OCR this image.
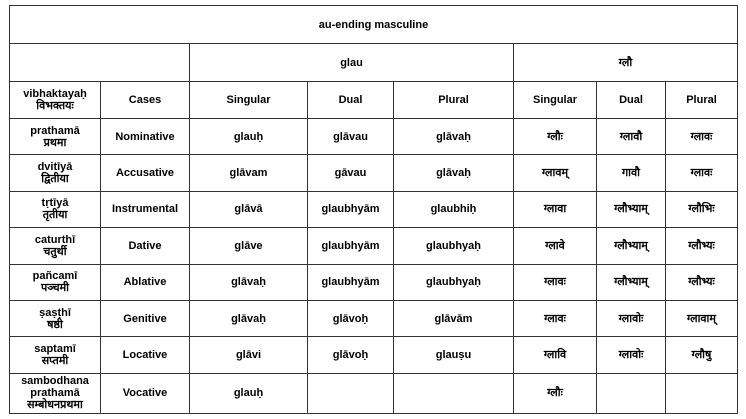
au-ending masculine							
		glau			ग्लौ		

vibhaktayaḥ
विभक्तयः	Cases	Singular	Dual	Plural	Singular	Dual	Plural

prathamā
प्रथमा	Nominative	glauḥ	glāvau	glāvaḥ	ग्लौः	ग्लावौ	ग्लावः

dvitīyā
द्वितीया	Accusative	glāvam	gāvau	glāvaḥ	ग्लावम्	गावौ	ग्लावः

tṛtīyā
तृतीया	Instrumental	glāvā	glaubhyām	glaubhiḥ	ग्लावा	ग्लौभ्याम्	ग्लौभिः

caturthī
चतुर्थी	Dative	glāve	glaubhyām	glaubhyaḥ	ग्लावे	ग्लौभ्याम्	ग्लौभ्यः

pañcamī
पञ्चमी	Ablative	glāvaḥ	glaubhyām	glaubhyaḥ	ग्लावः	ग्लौभ्याम्	ग्लौभ्यः

ṣaṣṭhī
षष्ठी	Genitive	glāvaḥ	glāvoḥ	glāvām	ग्लावः	ग्लावोः	ग्लावाम्

saptamī
सप्तमी	Locative	glāvi	glāvoḥ	glauṣu	ग्लावि	ग्लावोः	ग्लौषु

sambodhana
prathamā
सम्बोधनप्रथमा	Vocative	glauḥ			ग्लौः		
